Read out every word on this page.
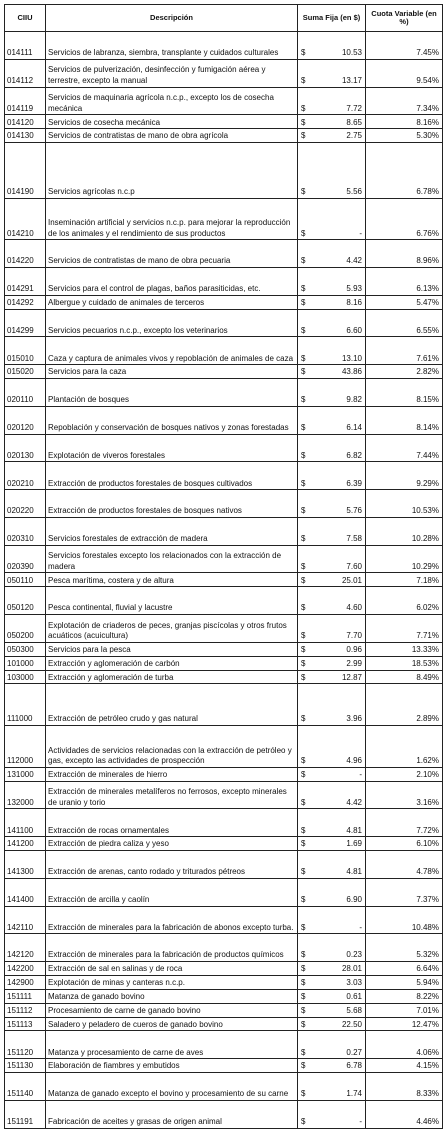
CIIU	Descripción	Suma Fija (en $)	Cuota Variable (en %)
014111	Servicios de labranza, siembra, transplante y cuidados culturales	$ 10.53	7.45%
014112	Servicios de pulverización, desinfección y fumigación aérea y terrestre, excepto la manual	$ 13.17	9.54%
014119	Servicios de maquinaria agrícola n.c.p., excepto los de cosecha mecánica	$ 7.72	7.34%
014120	Servicios de cosecha mecánica	$ 8.65	8.16%
014130	Servicios de contratistas de mano de obra agrícola	$ 2.75	5.30%
014190	Servicios agrícolas n.c.p	$ 5.56	6.78%
014210	Inseminación artificial y servicios n.c.p. para mejorar la reproducción de los animales y el rendimiento de sus productos	$ -	6.76%
014220	Servicios de contratistas de mano de obra pecuaria	$ 4.42	8.96%
014291	Servicios para el control de plagas, baños parasiticidas, etc.	$ 5.93	6.13%
014292	Albergue y cuidado de animales de terceros	$ 8.16	5.47%
014299	Servicios pecuarios n.c.p., excepto los veterinarios	$ 6.60	6.55%
015010	Caza y captura de animales vivos y repoblación de animales de caza	$ 13.10	7.61%
015020	Servicios para la caza	$ 43.86	2.82%
020110	Plantación de bosques	$ 9.82	8.15%
020120	Repoblación y conservación de bosques nativos y zonas forestadas	$ 6.14	8.14%
020130	Explotación de viveros forestales	$ 6.82	7.44%
020210	Extracción de productos forestales de bosques cultivados	$ 6.39	9.29%
020220	Extracción de productos forestales de bosques nativos	$ 5.76	10.53%
020310	Servicios forestales de extracción de madera	$ 7.58	10.28%
020390	Servicios forestales excepto los relacionados con la extracción de madera	$ 7.60	10.29%
050110	Pesca marítima, costera y de altura	$ 25.01	7.18%
050120	Pesca continental, fluvial y lacustre	$ 4.60	6.02%
050200	Explotación de criaderos de peces, granjas piscícolas y otros frutos acuáticos (acuicultura)	$ 7.70	7.71%
050300	Servicios para la pesca	$ 0.96	13.33%
101000	Extracción y aglomeración de carbón	$ 2.99	18.53%
103000	Extracción y aglomeración de turba	$ 12.87	8.49%
111000	Extracción de petróleo crudo y gas natural	$ 3.96	2.89%
112000	Actividades de servicios relacionadas con la extracción de petróleo y gas, excepto las actividades de prospección	$ 4.96	1.62%
131000	Extracción de minerales de hierro	$ -	2.10%
132000	Extracción de minerales metalíferos no ferrosos, excepto minerales de uranio y torio	$ 4.42	3.16%
141100	Extracción de rocas ornamentales	$ 4.81	7.72%
141200	Extracción de piedra caliza y yeso	$ 1.69	6.10%
141300	Extracción de arenas, canto rodado y triturados pétreos	$ 4.81	4.78%
141400	Extracción de arcilla y caolín	$ 6.90	7.37%
142110	Extracción de minerales para la fabricación de abonos excepto turba.	$ -	10.48%
142120	Extracción de minerales para la fabricación de productos químicos	$ 0.23	5.32%
142200	Extracción de sal en salinas y de roca	$ 28.01	6.64%
142900	Explotación de minas y canteras n.c.p.	$ 3.03	5.94%
151111	Matanza de ganado bovino	$ 0.61	8.22%
151112	Procesamiento de carne de ganado bovino	$ 5.68	7.01%
151113	Saladero y peladero de cueros de ganado bovino	$ 22.50	12.47%
151120	Matanza y procesamiento de carne de aves	$ 0.27	4.06%
151130	Elaboración de fiambres y embutidos	$ 6.78	4.15%
151140	Matanza de ganado excepto el bovino y procesamiento de su carne	$ 1.74	8.33%
151191	Fabricación de aceites y grasas de origen animal	$ -	4.46%
